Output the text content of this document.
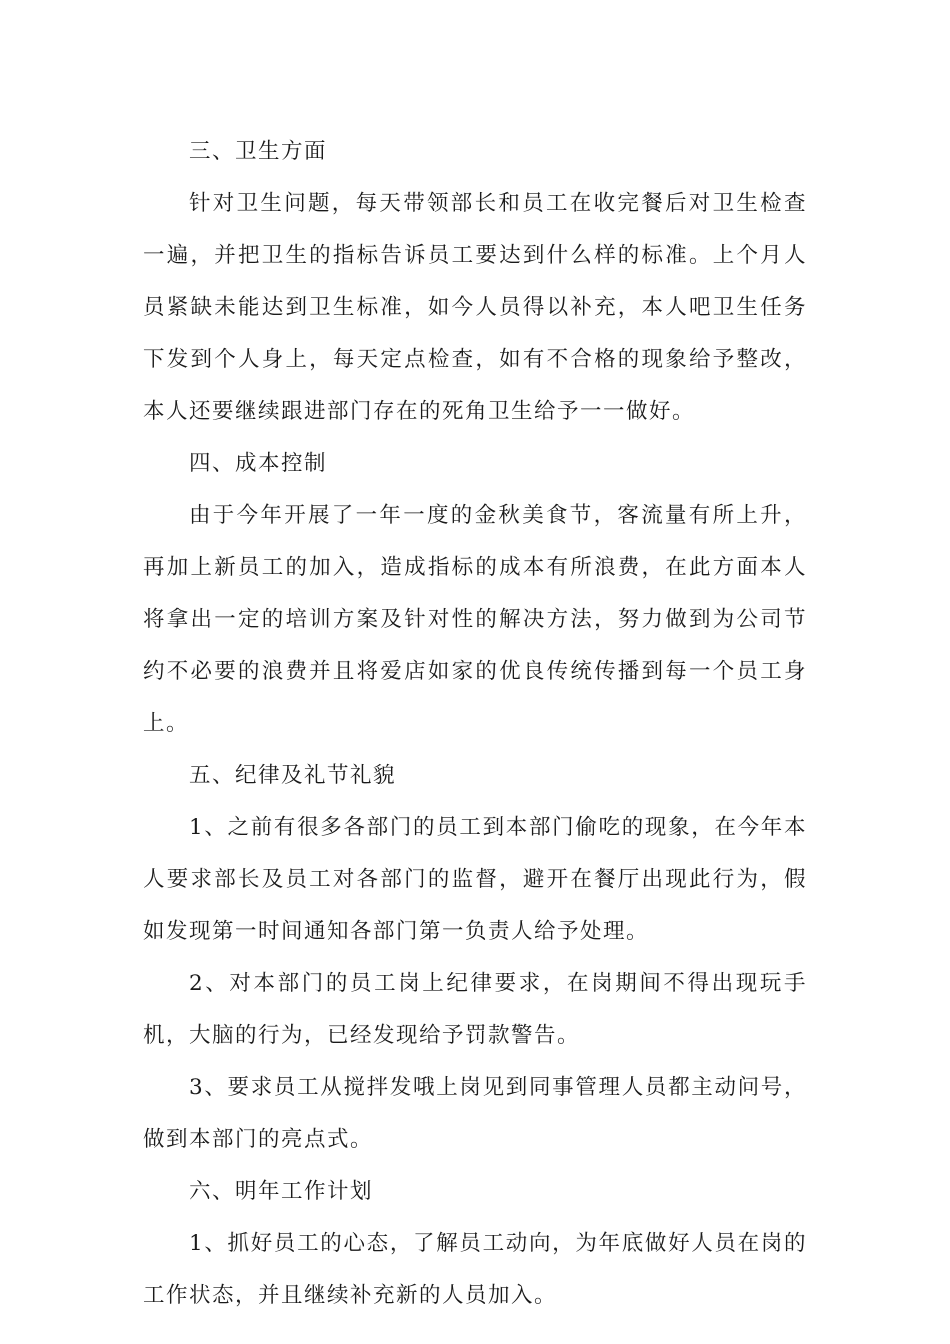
三、卫生方面

针对卫生问题，每天带领部长和员工在收完餐后对卫生检查一遍，并把卫生的指标告诉员工要达到什么样的标准。上个月人员紧缺未能达到卫生标准，如今人员得以补充，本人吧卫生任务下发到个人身上，每天定点检查，如有不合格的现象给予整改，本人还要继续跟进部门存在的死角卫生给予一一做好。

四、成本控制

由于今年开展了一年一度的金秋美食节，客流量有所上升，再加上新员工的加入，造成指标的成本有所浪费，在此方面本人将拿出一定的培训方案及针对性的解决方法，努力做到为公司节约不必要的浪费并且将爱店如家的优良传统传播到每一个员工身上。

五、纪律及礼节礼貌

1、之前有很多各部门的员工到本部门偷吃的现象，在今年本人要求部长及员工对各部门的监督，避开在餐厅出现此行为，假如发现第一时间通知各部门第一负责人给予处理。

2、对本部门的员工岗上纪律要求，在岗期间不得出现玩手机，大脑的行为，已经发现给予罚款警告。

3、要求员工从搅拌发哦上岗见到同事管理人员都主动问号，做到本部门的亮点式。

六、明年工作计划

1、抓好员工的心态，了解员工动向，为年底做好人员在岗的工作状态，并且继续补充新的人员加入。
